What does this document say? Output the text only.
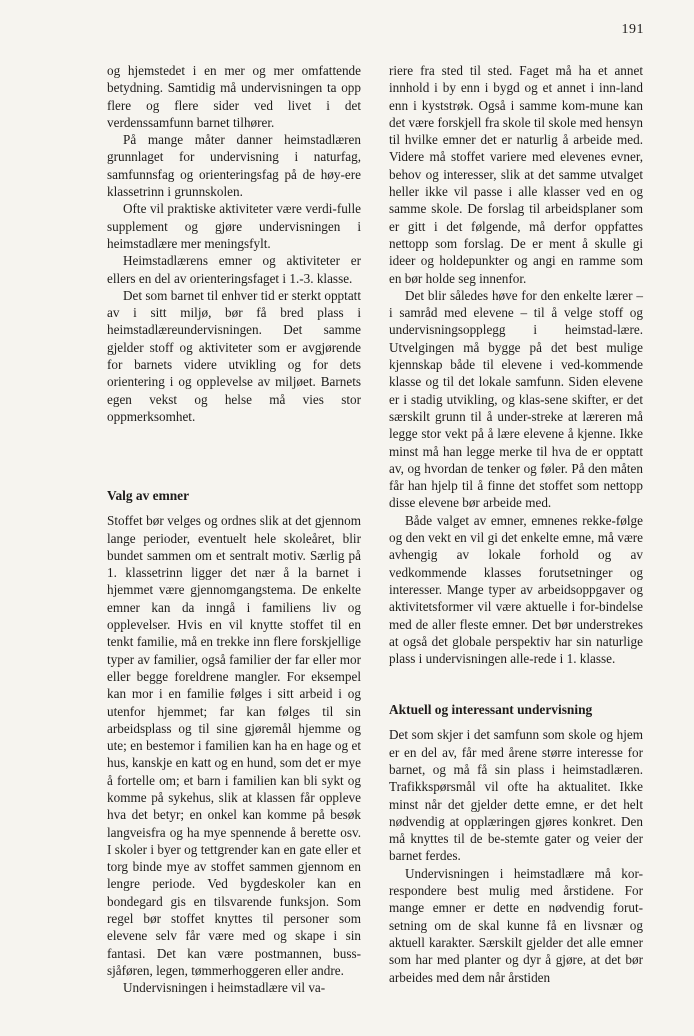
191

og hjemstedet i en mer og mer omfattende betydning. Samtidig må undervisningen ta opp flere og flere sider ved livet i det verdenssamfunn barnet tilhører.

På mange måter danner heimstadlæren grunnlaget for undervisning i naturfag, samfunnsfag og orienteringsfag på de høy-ere klassetrinn i grunnskolen.

Ofte vil praktiske aktiviteter være verdi-fulle supplement og gjøre undervisningen i heimstadlære mer meningsfylt.

Heimstadlærens emner og aktiviteter er ellers en del av orienteringsfaget i 1.-3. klasse.

Det som barnet til enhver tid er sterkt opptatt av i sitt miljø, bør få bred plass i heimstadlæreundervisningen. Det samme gjelder stoff og aktiviteter som er avgjørende for barnets videre utvikling og for dets orientering i og opplevelse av miljøet. Barnets egen vekst og helse må vies stor oppmerksomhet.

Valg av emner

Stoffet bør velges og ordnes slik at det gjennom lange perioder, eventuelt hele skoleåret, blir bundet sammen om et sentralt motiv. Særlig på 1. klassetrinn ligger det nær å la barnet i hjemmet være gjennomgangstema. De enkelte emner kan da inngå i familiens liv og opplevelser. Hvis en vil knytte stoffet til en tenkt familie, må en trekke inn flere forskjellige typer av familier, også familier der far eller mor eller begge foreldrene mangler. For eksempel kan mor i en familie følges i sitt arbeid i og utenfor hjemmet; far kan følges til sin arbeidsplass og til sine gjøremål hjemme og ute; en bestemor i familien kan ha en hage og et hus, kanskje en katt og en hund, som det er mye å fortelle om; et barn i familien kan bli sykt og komme på sykehus, slik at klassen får oppleve hva det betyr; en onkel kan komme på besøk langveisfra og ha mye spennende å berette osv. I skoler i byer og tettgrender kan en gate eller et torg binde mye av stoffet sammen gjennom en lengre periode. Ved bygdeskoler kan en bondegard gis en tilsvarende funksjon. Som regel bør stoffet knyttes til personer som elevene selv får være med og skape i sin fantasi. Det kan være postmannen, buss-sjåføren, legen, tømmerhoggeren eller andre.

Undervisningen i heimstadlære vil va-

riere fra sted til sted. Faget må ha et annet innhold i by enn i bygd og et annet i inn-land enn i kyststrøk. Også i samme kom-mune kan det være forskjell fra skole til skole med hensyn til hvilke emner det er naturlig å arbeide med. Videre må stoffet variere med elevenes evner, behov og interesser, slik at det samme utvalget heller ikke vil passe i alle klasser ved en og samme skole. De forslag til arbeidsplaner som er gitt i det følgende, må derfor oppfattes nettopp som forslag. De er ment å skulle gi ideer og holdepunkter og angi en ramme som en bør holde seg innenfor.

Det blir således høve for den enkelte lærer – i samråd med elevene – til å velge stoff og undervisningsopplegg i heimstad-lære. Utvelgingen må bygge på det best mulige kjennskap både til elevene i ved-kommende klasse og til det lokale samfunn. Siden elevene er i stadig utvikling, og klas-sene skifter, er det særskilt grunn til å under-streke at læreren må legge stor vekt på å lære elevene å kjenne. Ikke minst må han legge merke til hva de er opptatt av, og hvordan de tenker og føler. På den måten får han hjelp til å finne det stoffet som nettopp disse elevene bør arbeide med.

Både valget av emner, emnenes rekke-følge og den vekt en vil gi det enkelte emne, må være avhengig av lokale forhold og av vedkommende klasses forutsetninger og interesser. Mange typer av arbeidsoppgaver og aktivitetsformer vil være aktuelle i for-bindelse med de aller fleste emner. Det bør understrekes at også det globale perspektiv har sin naturlige plass i undervisningen alle-rede i 1. klasse.

Aktuell og interessant undervisning

Det som skjer i det samfunn som skole og hjem er en del av, får med årene større interesse for barnet, og må få sin plass i heimstadlæren. Trafikkspørsmål vil ofte ha aktualitet. Ikke minst når det gjelder dette emne, er det helt nødvendig at opplæringen gjøres konkret. Den må knyttes til de be-stemte gater og veier der barnet ferdes.

Undervisningen i heimstadlære må kor-respondere best mulig med årstidene. For mange emner er dette en nødvendig forut-setning om de skal kunne få en livsnær og aktuell karakter. Særskilt gjelder det alle emner som har med planter og dyr å gjøre, at det bør arbeides med dem når årstiden
